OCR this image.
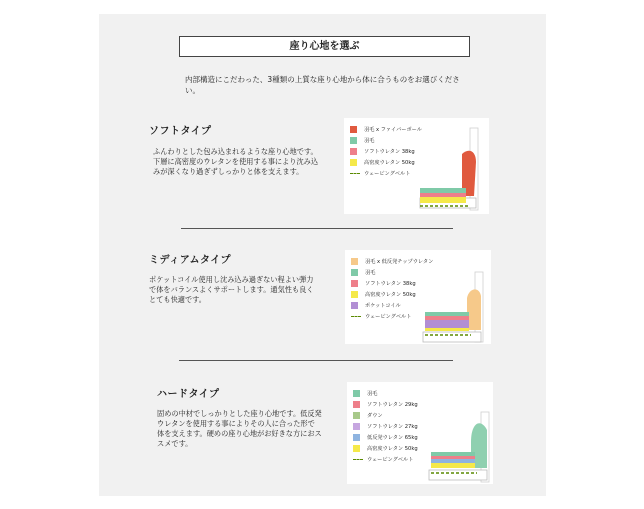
座り心地を選ぶ
内部構造にこだわった、3種類の上質な座り心地から体に合うものをお選びください。
ソフトタイプ
ふんわりとした包み込まれるような座り心地です。下層に高密度のウレタンを使用する事により沈み込みが深くなり過ぎずしっかりと体を支えます。
羽毛 x ファイバーボール
羽毛
ソフトウレタン 38kg
高密度ウレタン 50kg
ウェービングベルト
ミディアムタイプ
ポケットコイル使用し沈み込み過ぎない程よい弾力で体をバランスよくサポートします。通気性も良くとても快適です。
羽毛 x 低反発チップウレタン
羽毛
ソフトウレタン 38kg
高密度ウレタン 50kg
ポケットコイル
ウェービングベルト
ハードタイプ
固めの中材でしっかりとした座り心地です。低反発ウレタンを使用する事によりその人に合った形で体を支えます。硬めの座り心地がお好きな方におススメです。
羽毛
ソフトウレタン 29kg
ダウン
ソフトウレタン 27kg
低反発ウレタン 65kg
高密度ウレタン 50kg
ウェービングベルト
